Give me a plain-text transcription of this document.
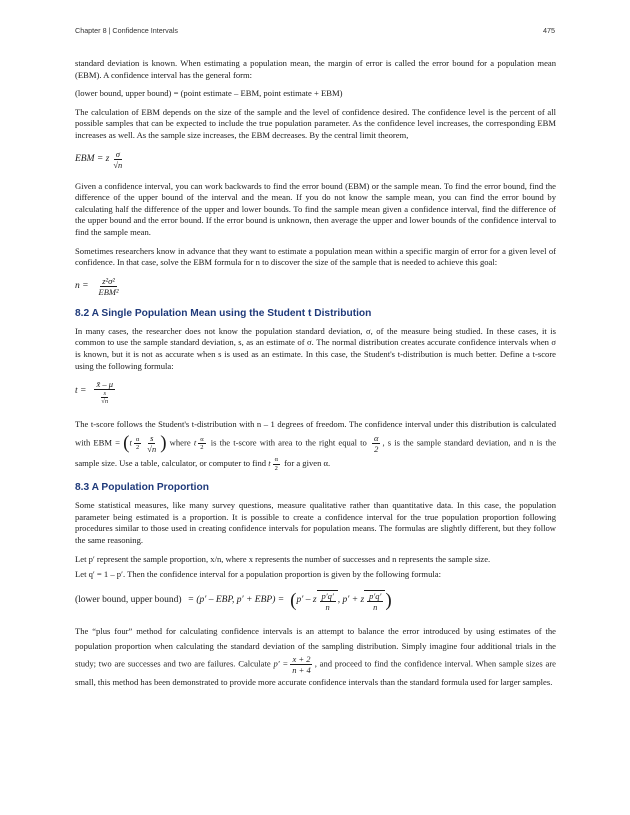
Chapter 8 | Confidence Intervals	475

standard deviation is known. When estimating a population mean, the margin of error is called the error bound for a population mean (EBM). A confidence interval has the general form:

(lower bound, upper bound) = (point estimate – EBM, point estimate + EBM)

The calculation of EBM depends on the size of the sample and the level of confidence desired. The confidence level is the percent of all possible samples that can be expected to include the true population parameter. As the confidence level increases, the corresponding EBM increases as well. As the sample size increases, the EBM decreases. By the central limit theorem,

EBM = z $\frac{\sigma}{√n}$

Given a confidence interval, you can work backwards to find the error bound (EBM) or the sample mean. To find the error bound, find the difference of the upper bound of the interval and the mean. If you do not know the sample mean, you can find the error bound by calculating half the difference of the upper and lower bounds. To find the sample mean given a confidence interval, find the difference of the upper bound and the error bound. If the error bound is unknown, then average the upper and lower bounds of the confidence interval to find the sample mean.

Sometimes researchers know in advance that they want to estimate a population mean within a specific margin of error for a given level of confidence. In that case, solve the EBM formula for n to discover the size of the sample that is needed to achieve this goal:

$n = \frac{\text{z²σ²}}{\text{EBM²}}$
8.2 A Single Population Mean using the Student t Distribution

In many cases, the researcher does not know the population standard deviation, σ, of the measure being studied. In these cases, it is common to use the sample standard deviation, s, as an estimate of σ. The normal distribution creates accurate confidence intervals when σ is known, but it is not as accurate when s is used as an estimate. In this case, the Student's t-distribution is much better. Define a t-score using the following formula:

$t = \frac{x̄ - \mu}{\frac{s}{√n}}$

The t-score follows the Student's t-distribution with n – 1 degrees of freedom. The confidence interval under this distribution is calculated with EBM = ($t \frac{\alpha}{2} \frac{s}{√n}$ ) where t $\frac{\alpha}{2}$ is the t-score with area to the right equal to $\frac{\alpha}{2}$ , s is the sample standard deviation, and n is the sample size. Use a table, calculator, or computer to find t $\frac{\alpha}{2}$ for a given α.

8.3 A Population Proportion

Some statistical measures, like many survey questions, measure qualitative rather than quantitative data. In this case, the population parameter being estimated is a proportion. It is possible to create a confidence interval for the true population proportion following procedures similar to those used in creating confidence intervals for population means. The formulas are slightly different, but they follow the same reasoning.

Let p′ represent the sample proportion, x/n, where x represents the number of successes and n represents the sample size.

Let q′ = 1 – p′. Then the confidence interval for a population proportion is given by the following formula:

(lower bound, upper bound) = (p′ – EBP, p′ + EBP) = ( p′ – z $\frac{p'q'}{n}$ , p′ + z $\frac{p'q'}{n}$ )

The “plus four” method for calculating confidence intervals is an attempt to balance the error introduced by using estimates of the population proportion when calculating the standard deviation of the sampling distribution. Simply imagine four additional trials in the study; two are successes and two are failures. Calculate $p' = \frac{x + 2}{n + 4}$ , and proceed to find the confidence interval. When sample sizes are small, this method has been demonstrated to provide more accurate confidence intervals than the standard formula used for larger samples.
